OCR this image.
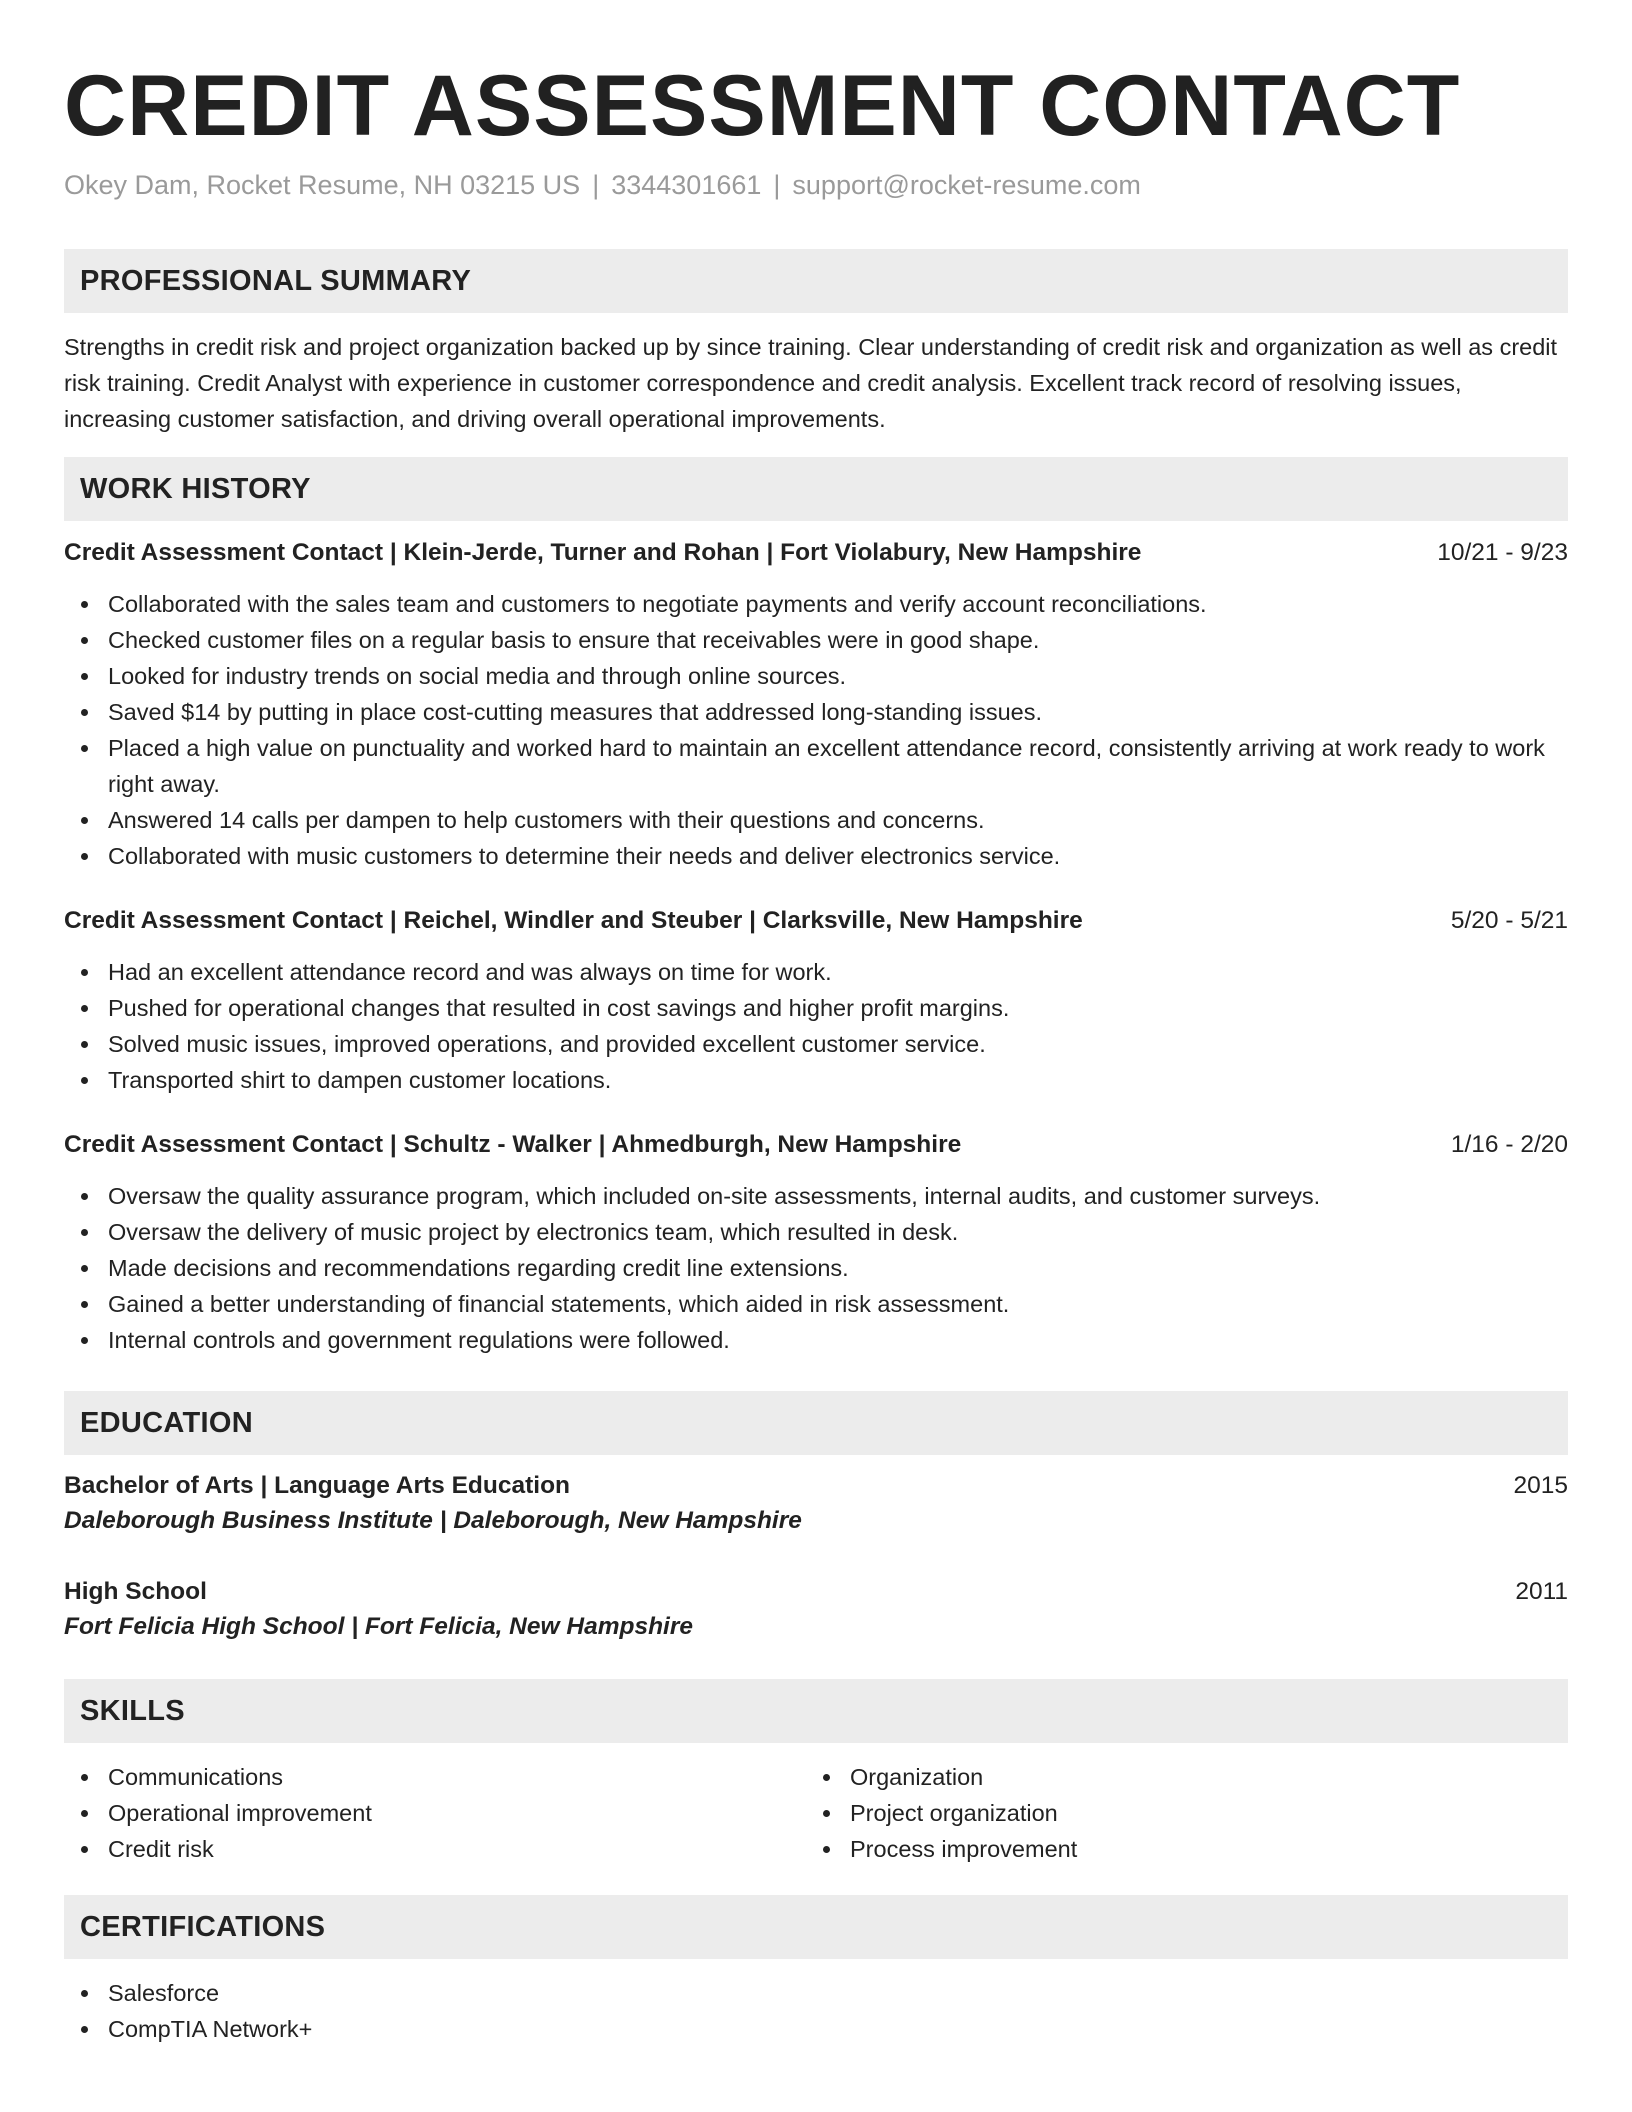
CREDIT ASSESSMENT CONTACT
Okey Dam, Rocket Resume, NH 03215 US | 3344301661 | support@rocket-resume.com
PROFESSIONAL SUMMARY

Strengths in credit risk and project organization backed up by since training. Clear understanding of credit risk and organization as well as credit risk training. Credit Analyst with experience in customer correspondence and credit analysis. Excellent track record of resolving issues, increasing customer satisfaction, and driving overall operational improvements.

WORK HISTORY
Credit Assessment Contact | Klein-Jerde, Turner and Rohan | Fort Violabury, New Hampshire	10/21 - 9/23
Collaborated with the sales team and customers to negotiate payments and verify account reconciliations.
Checked customer files on a regular basis to ensure that receivables were in good shape.
Looked for industry trends on social media and through online sources.
Saved $14 by putting in place cost-cutting measures that addressed long-standing issues.
Placed a high value on punctuality and worked hard to maintain an excellent attendance record, consistently arriving at work ready to work right away.
Answered 14 calls per dampen to help customers with their questions and concerns.
Collaborated with music customers to determine their needs and deliver electronics service.
Credit Assessment Contact | Reichel, Windler and Steuber | Clarksville, New Hampshire	5/20 - 5/21
Had an excellent attendance record and was always on time for work.
Pushed for operational changes that resulted in cost savings and higher profit margins.
Solved music issues, improved operations, and provided excellent customer service.
Transported shirt to dampen customer locations.
Credit Assessment Contact | Schultz - Walker | Ahmedburgh, New Hampshire	1/16 - 2/20
Oversaw the quality assurance program, which included on-site assessments, internal audits, and customer surveys.
Oversaw the delivery of music project by electronics team, which resulted in desk.
Made decisions and recommendations regarding credit line extensions.
Gained a better understanding of financial statements, which aided in risk assessment.
Internal controls and government regulations were followed.
EDUCATION
Bachelor of Arts | Language Arts Education	2015
Daleborough Business Institute | Daleborough, New Hampshire
High School	2011
Fort Felicia High School | Fort Felicia, New Hampshire
SKILLS
Communications
Operational improvement
Credit risk
Organization
Project organization
Process improvement
CERTIFICATIONS
Salesforce
CompTIA Network+
